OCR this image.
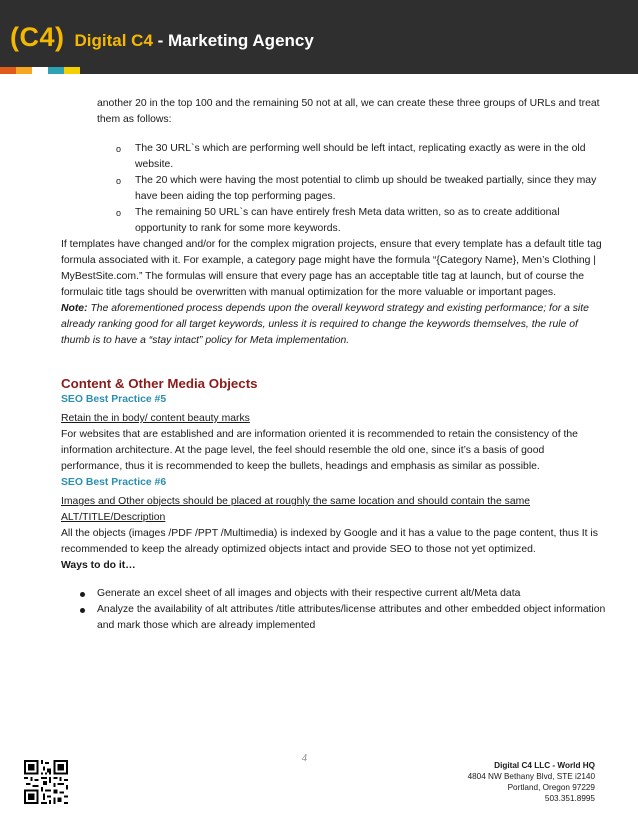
(C4) Digital C4 - Marketing Agency

another 20 in the top 100 and the remaining 50 not at all, we can create these three groups of URLs and treat them as follows:

o The 30 URL`s which are performing well should be left intact, replicating exactly as were in the old website.
o The 20 which were having the most potential to climb up should be tweaked partially, since they may have been aiding the top performing pages.
o The remaining 50 URL`s can have entirely fresh Meta data written, so as to create additional opportunity to rank for some more keywords.

If templates have changed and/or for the complex migration projects, ensure that every template has a default title tag formula associated with it. For example, a category page might have the formula “{Category Name}, Men’s Clothing | MyBestSite.com.” The formulas will ensure that every page has an acceptable title tag at launch, but of course the formulaic title tags should be overwritten with manual optimization for the more valuable or important pages.

Note: The aforementioned process depends upon the overall keyword strategy and existing performance; for a site already ranking good for all target keywords, unless it is required to change the keywords themselves, the rule of thumb is to have a “stay intact” policy for Meta implementation.

Content & Other Media Objects

SEO Best Practice #5

Retain the in body/ content beauty marks

For websites that are established and are information oriented it is recommended to retain the consistency of the information architecture. At the page level, the feel should resemble the old one, since it’s a basis of good performance, thus it is recommended to keep the bullets, headings and emphasis as similar as possible.

SEO Best Practice #6

Images and Other objects should be placed at roughly the same location and should contain the same ALT/TITLE/Description

All the objects (images /PDF /PPT /Multimedia) is indexed by Google and it has a value to the page content, thus It is recommended to keep the already optimized objects intact and provide SEO to those not yet optimized.

Ways to do it…

Generate an excel sheet of all images and objects with their respective current alt/Meta data
Analyze the availability of alt attributes /title attributes/license attributes and other embedded object information and mark those which are already implemented
4
Digital C4 LLC - World HQ
4804 NW Bethany Blvd, STE i2140
Portland, Oregon 97229
503.351.8995
